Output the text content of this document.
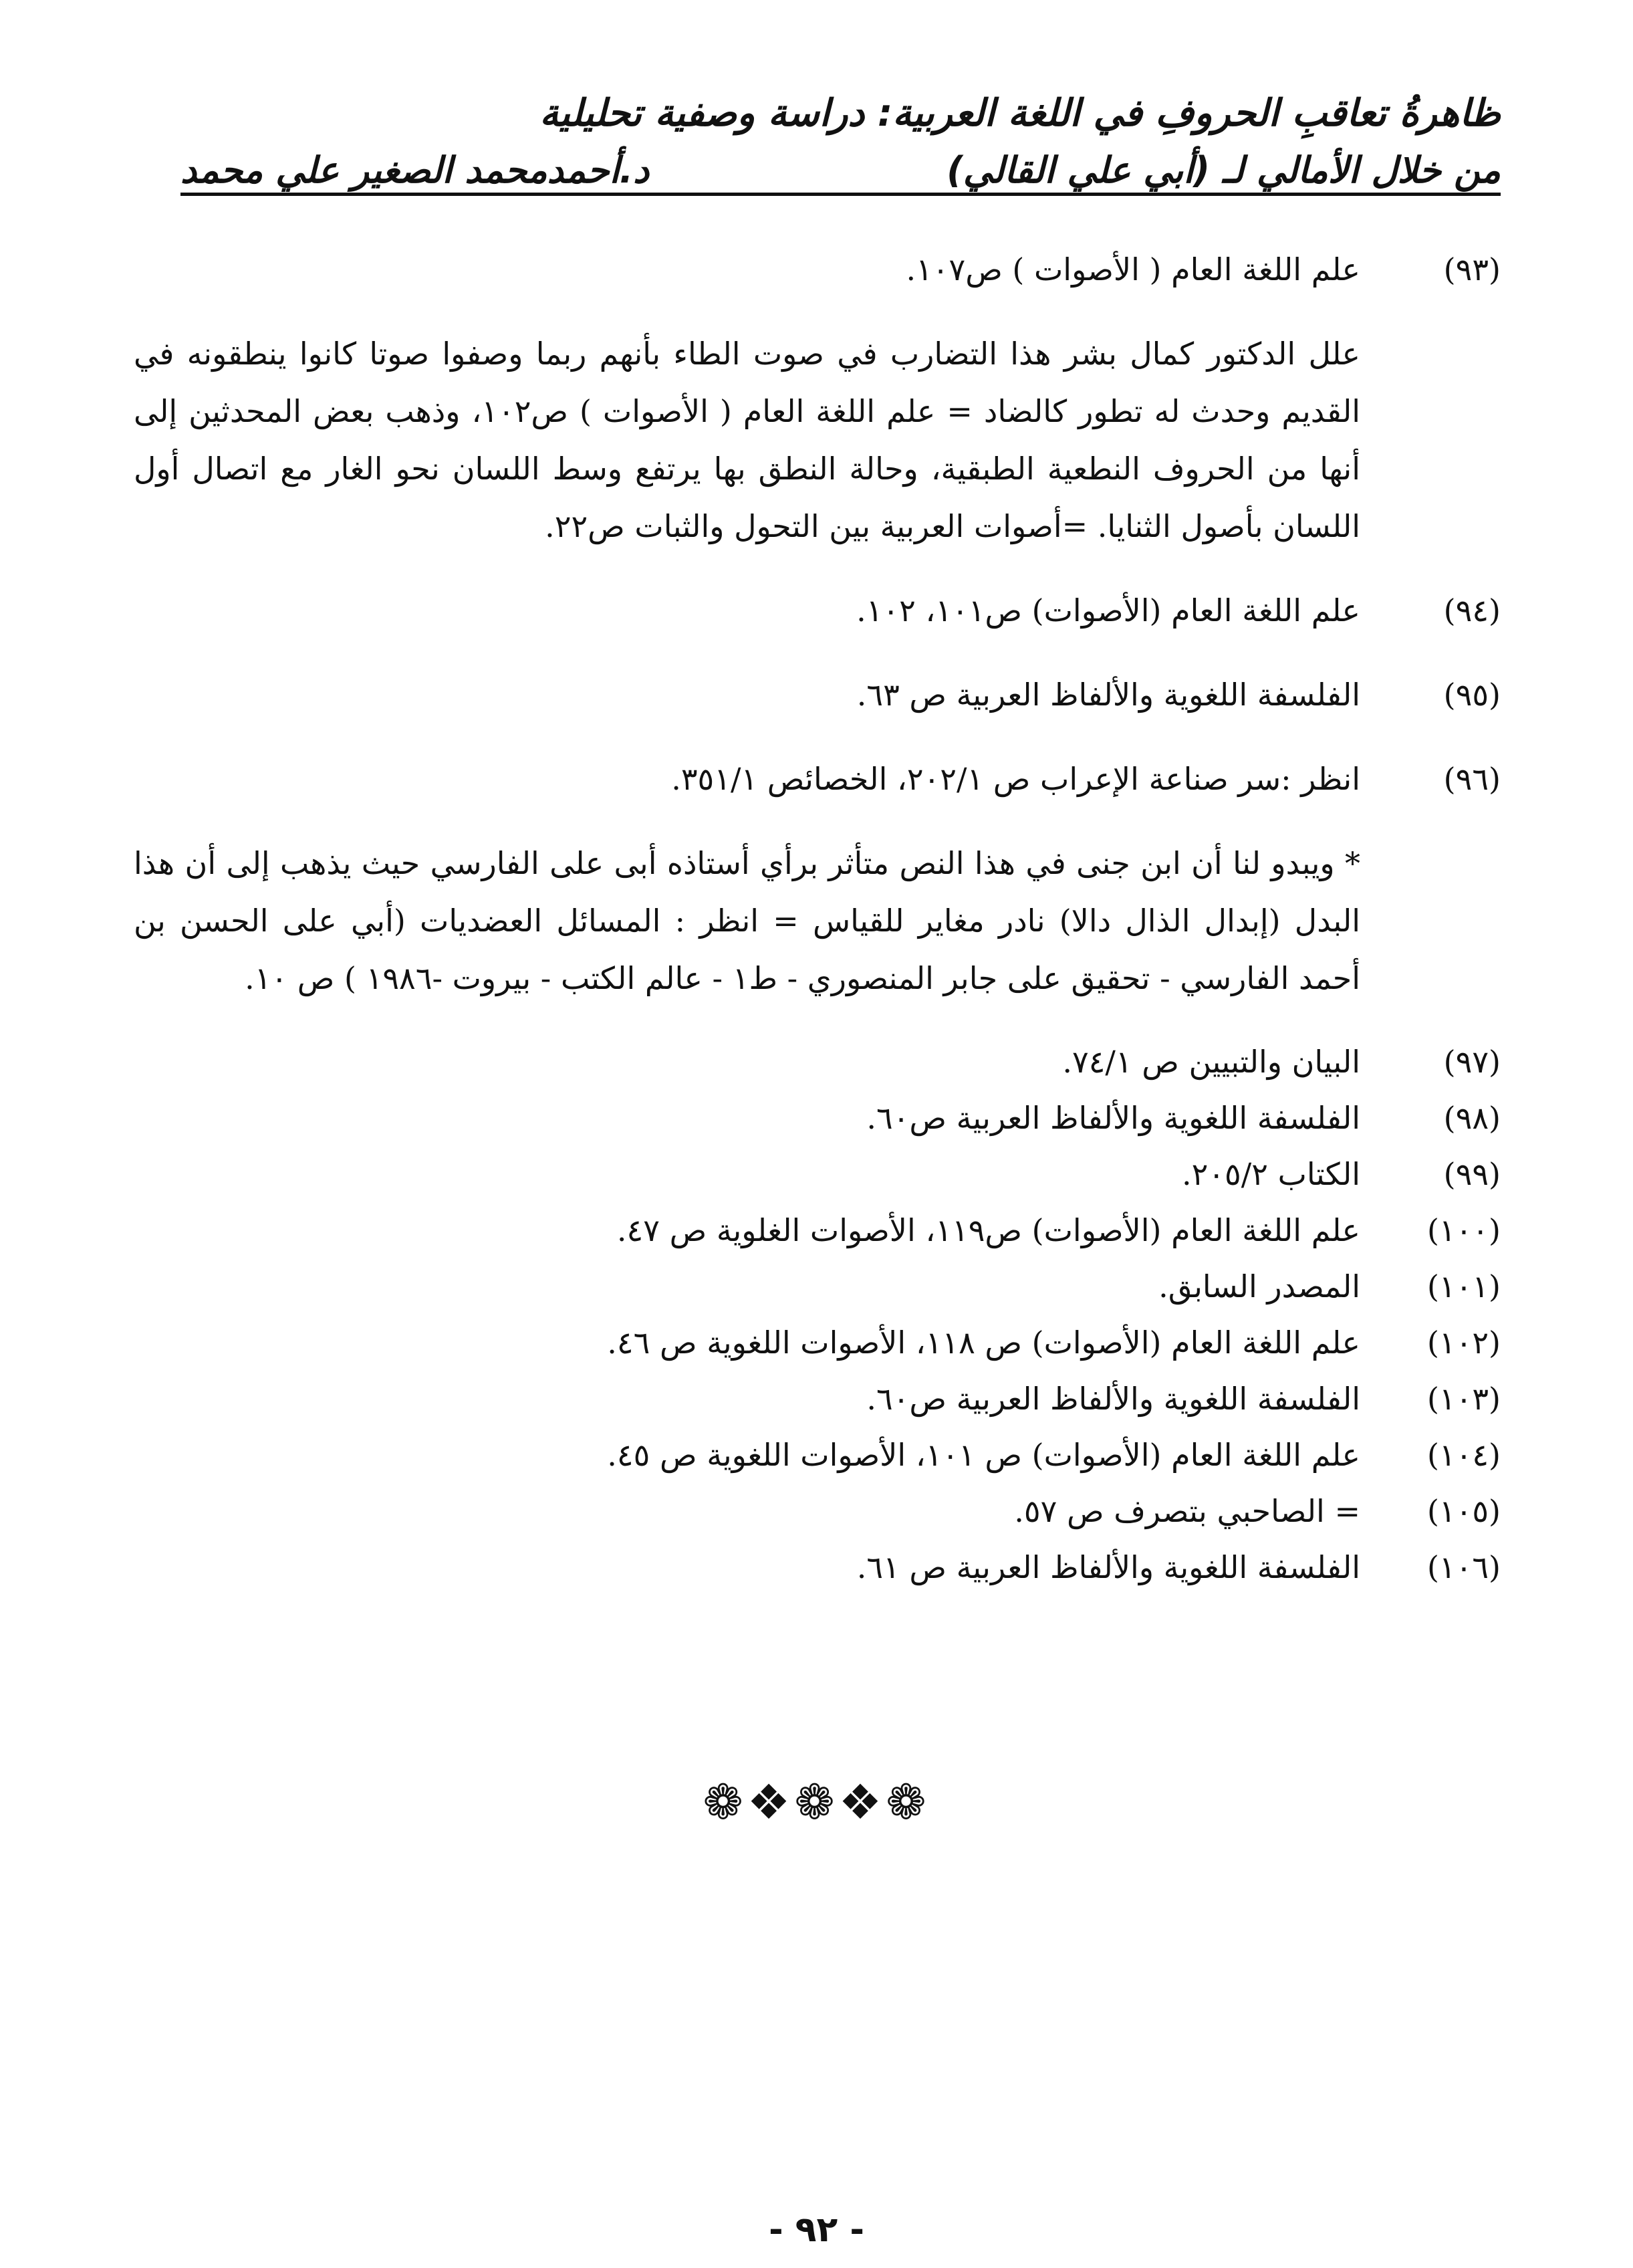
ظاهرةُ تعاقبِ الحروفِ في اللغة العربية: دراسة وصفية تحليلية
من خلال الأمالي لـ (أبي علي القالي)
د.أحمدمحمد الصغير علي محمد
(٩٣)
علم اللغة العام ( الأصوات ) ص١٠٧.
علل الدكتور كمال بشر هذا التضارب في صوت الطاء بأنهم ربما وصفوا صوتا كانوا ينطقونه في القديم وحدث له تطور كالضاد = علم اللغة العام ( الأصوات ) ص١٠٢، وذهب بعض المحدثين إلى أنها من الحروف النطعية الطبقية، وحالة النطق بها يرتفع وسط اللسان نحو الغار مع اتصال أول اللسان بأصول الثنايا. =أصوات العربية بين التحول والثبات ص٢٢.
(٩٤)
علم اللغة العام (الأصوات) ص١٠١، ١٠٢.
(٩٥)
الفلسفة اللغوية والألفاظ العربية ص ٦٣.
(٩٦)
انظر :سر صناعة الإعراب ص ٢٠٢/١، الخصائص ٣٥١/١.
* ويبدو لنا أن ابن جنى في هذا النص متأثر برأي أستاذه أبى على الفارسي حيث يذهب إلى أن هذا البدل (إبدال الذال دالا) نادر مغاير للقياس = انظر : المسائل العضديات (أبي على الحسن بن أحمد الفارسي - تحقيق على جابر المنصوري - ط١ - عالم الكتب - بيروت -١٩٨٦ ) ص ١٠.
(٩٧)
البيان والتبيين ص ٧٤/١.
(٩٨)
الفلسفة اللغوية والألفاظ العربية ص٦٠.
(٩٩)
الكتاب ٢٠٥/٢.
(١٠٠)
علم اللغة العام (الأصوات) ص١١٩، الأصوات الغلوية ص ٤٧.
(١٠١)
المصدر السابق.
(١٠٢)
علم اللغة العام (الأصوات) ص ١١٨، الأصوات اللغوية ص ٤٦.
(١٠٣)
الفلسفة اللغوية والألفاظ العربية ص٦٠.
(١٠٤)
علم اللغة العام (الأصوات) ص ١٠١، الأصوات اللغوية ص ٤٥.
(١٠٥)
= الصاحبي بتصرف ص ٥٧.
(١٠٦)
الفلسفة اللغوية والألفاظ العربية ص ٦١.
❁❖❁❖❁
- ٩٢ -
